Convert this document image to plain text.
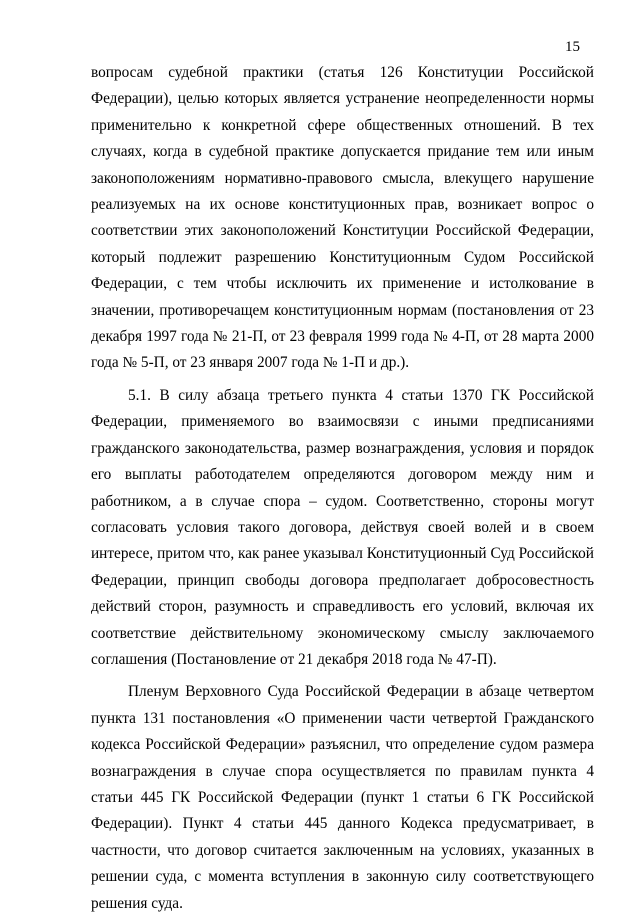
15

вопросам судебной практики (статья 126 Конституции Российской Федерации), целью которых является устранение неопределенности нормы применительно к конкретной сфере общественных отношений. В тех случаях, когда в судебной практике допускается придание тем или иным законоположениям нормативно-правового смысла, влекущего нарушение реализуемых на их основе конституционных прав, возникает вопрос о соответствии этих законоположений Конституции Российской Федерации, который подлежит разрешению Конституционным Судом Российской Федерации, с тем чтобы исключить их применение и истолкование в значении, противоречащем конституционным нормам (постановления от 23 декабря 1997 года № 21-П, от 23 февраля 1999 года № 4-П, от 28 марта 2000 года № 5-П, от 23 января 2007 года № 1-П и др.).

5.1. В силу абзаца третьего пункта 4 статьи 1370 ГК Российской Федерации, применяемого во взаимосвязи с иными предписаниями гражданского законодательства, размер вознаграждения, условия и порядок его выплаты работодателем определяются договором между ним и работником, а в случае спора – судом. Соответственно, стороны могут согласовать условия такого договора, действуя своей волей и в своем интересе, притом что, как ранее указывал Конституционный Суд Российской Федерации, принцип свободы договора предполагает добросовестность действий сторон, разумность и справедливость его условий, включая их соответствие действительному экономическому смыслу заключаемого соглашения (Постановление от 21 декабря 2018 года № 47-П).

Пленум Верховного Суда Российской Федерации в абзаце четвертом пункта 131 постановления «О применении части четвертой Гражданского кодекса Российской Федерации» разъяснил, что определение судом размера вознаграждения в случае спора осуществляется по правилам пункта 4 статьи 445 ГК Российской Федерации (пункт 1 статьи 6 ГК Российской Федерации). Пункт 4 статьи 445 данного Кодекса предусматривает, в частности, что договор считается заключенным на условиях, указанных в решении суда, с момента вступления в законную силу соответствующего решения суда.
